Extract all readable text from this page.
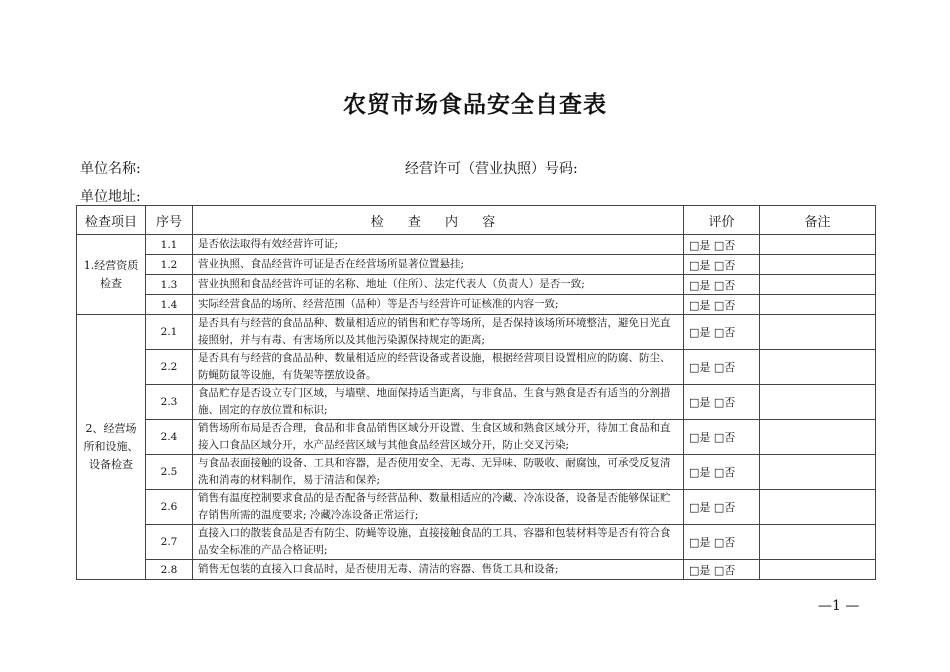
农贸市场食品安全自查表
单位名称:	经营许可（营业执照）号码:
单位地址:
检查项目	序号	检 查 内 容	评价	备注
1.经营资质检查	1.1	是否依法取得有效经营许可证;	□是 □否	
	1.2	营业执照、食品经营许可证是否在经营场所显著位置悬挂;	□是 □否	
	1.3	营业执照和食品经营许可证的名称、地址（住所）、法定代表人（负责人）是否一致;	□是 □否	
	1.4	实际经营食品的场所、经营范围（品种）等是否与经营许可证核准的内容一致;	□是 □否	
2、经营场所和设施、设备检查	2.1	是否具有与经营的食品品种、数量相适应的销售和贮存等场所，是否保持该场所环境整洁，避免日光直接照射，并与有毒、有害场所以及其他污染源保持规定的距离;	□是 □否	
	2.2	是否具有与经营的食品品种、数量相适应的经营设备或者设施，根据经营项目设置相应的防腐、防尘、防蝇防鼠等设施，有货架等摆放设备。	□是 □否	
	2.3	食品贮存是否设立专门区域，与墙壁、地面保持适当距离，与非食品、生食与熟食是否有适当的分割措施、固定的存放位置和标识;	□是 □否	
	2.4	销售场所布局是否合理，食品和非食品销售区域分开设置、生食区域和熟食区域分开，待加工食品和直接入口食品区域分开，水产品经营区域与其他食品经营区域分开，防止交叉污染;	□是 □否	
	2.5	与食品表面接触的设备、工具和容器，是否使用安全、无毒、无异味、防吸收、耐腐蚀，可承受反复清洗和消毒的材料制作，易于清洁和保养;	□是 □否	
	2.6	销售有温度控制要求食品的是否配备与经营品种、数量相适应的冷藏、冷冻设备，设备是否能够保证贮存销售所需的温度要求; 冷藏冷冻设备正常运行;	□是 □否	
	2.7	直接入口的散装食品是否有防尘、防蝇等设施，直接接触食品的工具、容器和包装材料等是否有符合食品安全标准的产品合格证明;	□是 □否	
	2.8	销售无包装的直接入口食品时，是否使用无毒、清洁的容器、售货工具和设备;	□是 □否	
—1 —
